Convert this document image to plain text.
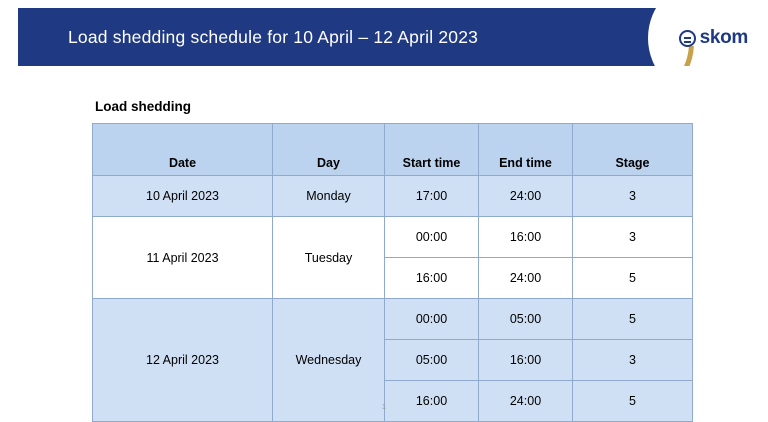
Load shedding schedule for 10 April – 12 April 2023	skom
Load shedding
Date	Day	Start time	End time	Stage
10 April 2023	Monday	17:00	24:00	3
11 April 2023	Tuesday	00:00	16:00	3
		16:00	24:00	5
12 April 2023	Wednesday	00:00	05:00	5
		05:00	16:00	3
		16:00	24:00	5
1
